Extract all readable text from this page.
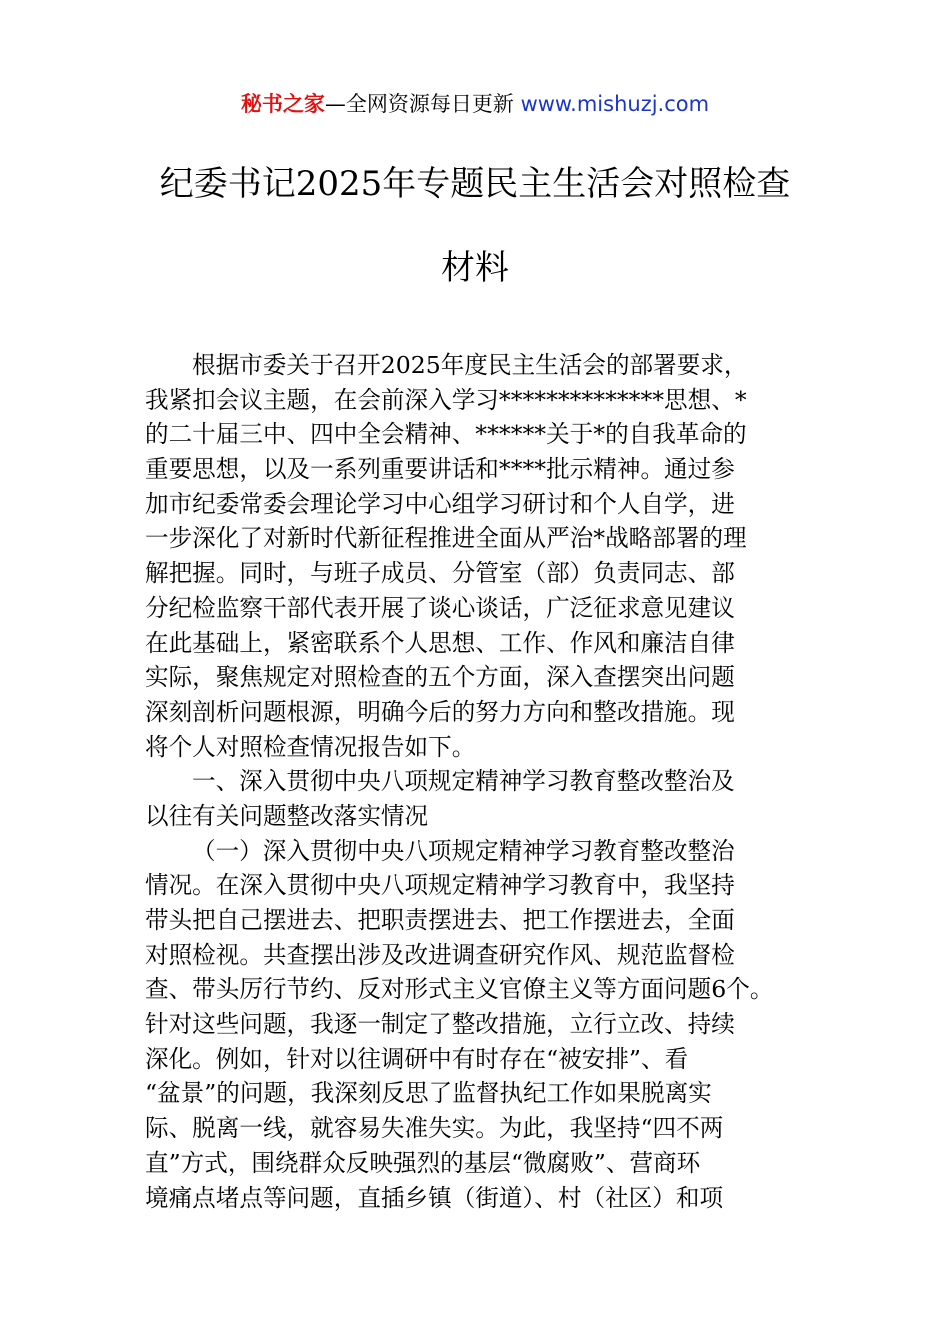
秘书之家—全网资源每日更新 www.mishuzj.com
纪委书记2025年专题民主生活会对照检查
材料
根据市委关于召开2025年度民主生活会的部署要求，
我紧扣会议主题，在会前深入学习**************思想、*
的二十届三中、四中全会精神、******关于*的自我革命的
重要思想，以及一系列重要讲话和****批示精神。通过参
加市纪委常委会理论学习中心组学习研讨和个人自学，进
一步深化了对新时代新征程推进全面从严治*战略部署的理
解把握。同时，与班子成员、分管室（部）负责同志、部
分纪检监察干部代表开展了谈心谈话，广泛征求意见建议
在此基础上，紧密联系个人思想、工作、作风和廉洁自律
实际，聚焦规定对照检查的五个方面，深入查摆突出问题
深刻剖析问题根源，明确今后的努力方向和整改措施。现
将个人对照检查情况报告如下。
一、深入贯彻中央八项规定精神学习教育整改整治及
以往有关问题整改落实情况
（一）深入贯彻中央八项规定精神学习教育整改整治
情况。在深入贯彻中央八项规定精神学习教育中，我坚持
带头把自己摆进去、把职责摆进去、把工作摆进去，全面
对照检视。共查摆出涉及改进调查研究作风、规范监督检
查、带头厉行节约、反对形式主义官僚主义等方面问题6个。
针对这些问题，我逐一制定了整改措施，立行立改、持续
深化。例如，针对以往调研中有时存在“被安排”、看
“盆景”的问题，我深刻反思了监督执纪工作如果脱离实
际、脱离一线，就容易失准失实。为此，我坚持“四不两
直”方式，围绕群众反映强烈的基层“微腐败”、营商环
境痛点堵点等问题，直插乡镇（街道）、村（社区）和项
